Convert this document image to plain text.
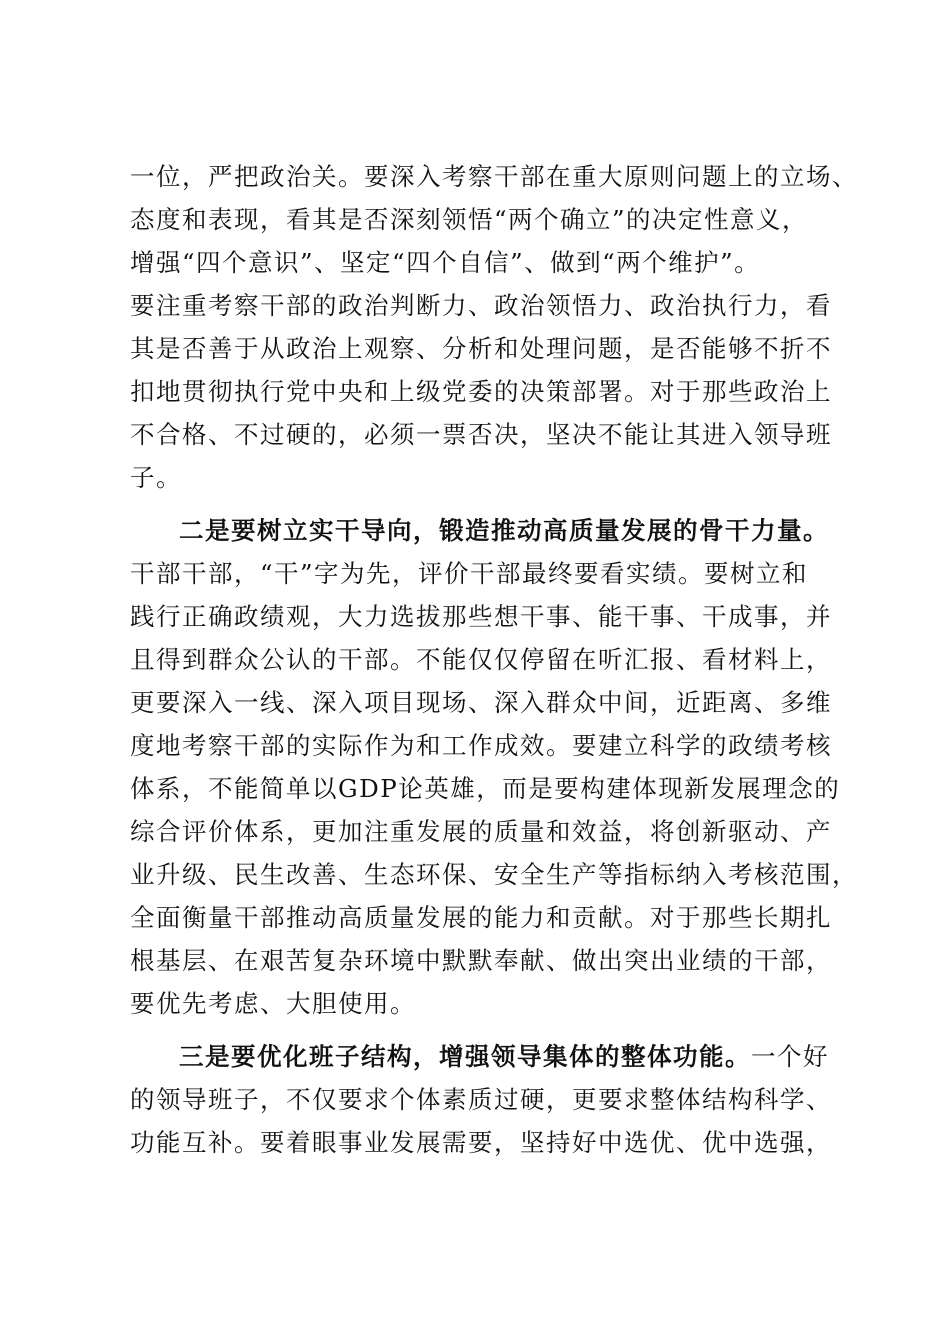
一位，严把政治关。要深入考察干部在重大原则问题上的立场、
态度和表现，看其是否深刻领悟“两个确立”的决定性意义，
增强“四个意识”、坚定“四个自信”、做到“两个维护”。
要注重考察干部的政治判断力、政治领悟力、政治执行力，看
其是否善于从政治上观察、分析和处理问题，是否能够不折不
扣地贯彻执行党中央和上级党委的决策部署。对于那些政治上
不合格、不过硬的，必须一票否决，坚决不能让其进入领导班
子。
二是要树立实干导向，锻造推动高质量发展的骨干力量。
干部干部，“干”字为先，评价干部最终要看实绩。要树立和
践行正确政绩观，大力选拔那些想干事、能干事、干成事，并
且得到群众公认的干部。不能仅仅停留在听汇报、看材料上，
更要深入一线、深入项目现场、深入群众中间，近距离、多维
度地考察干部的实际作为和工作成效。要建立科学的政绩考核
体系，不能简单以GDP论英雄，而是要构建体现新发展理念的
综合评价体系，更加注重发展的质量和效益，将创新驱动、产
业升级、民生改善、生态环保、安全生产等指标纳入考核范围，
全面衡量干部推动高质量发展的能力和贡献。对于那些长期扎
根基层、在艰苦复杂环境中默默奉献、做出突出业绩的干部，
要优先考虑、大胆使用。
三是要优化班子结构，增强领导集体的整体功能。一个好
的领导班子，不仅要求个体素质过硬，更要求整体结构科学、
功能互补。要着眼事业发展需要，坚持好中选优、优中选强，
